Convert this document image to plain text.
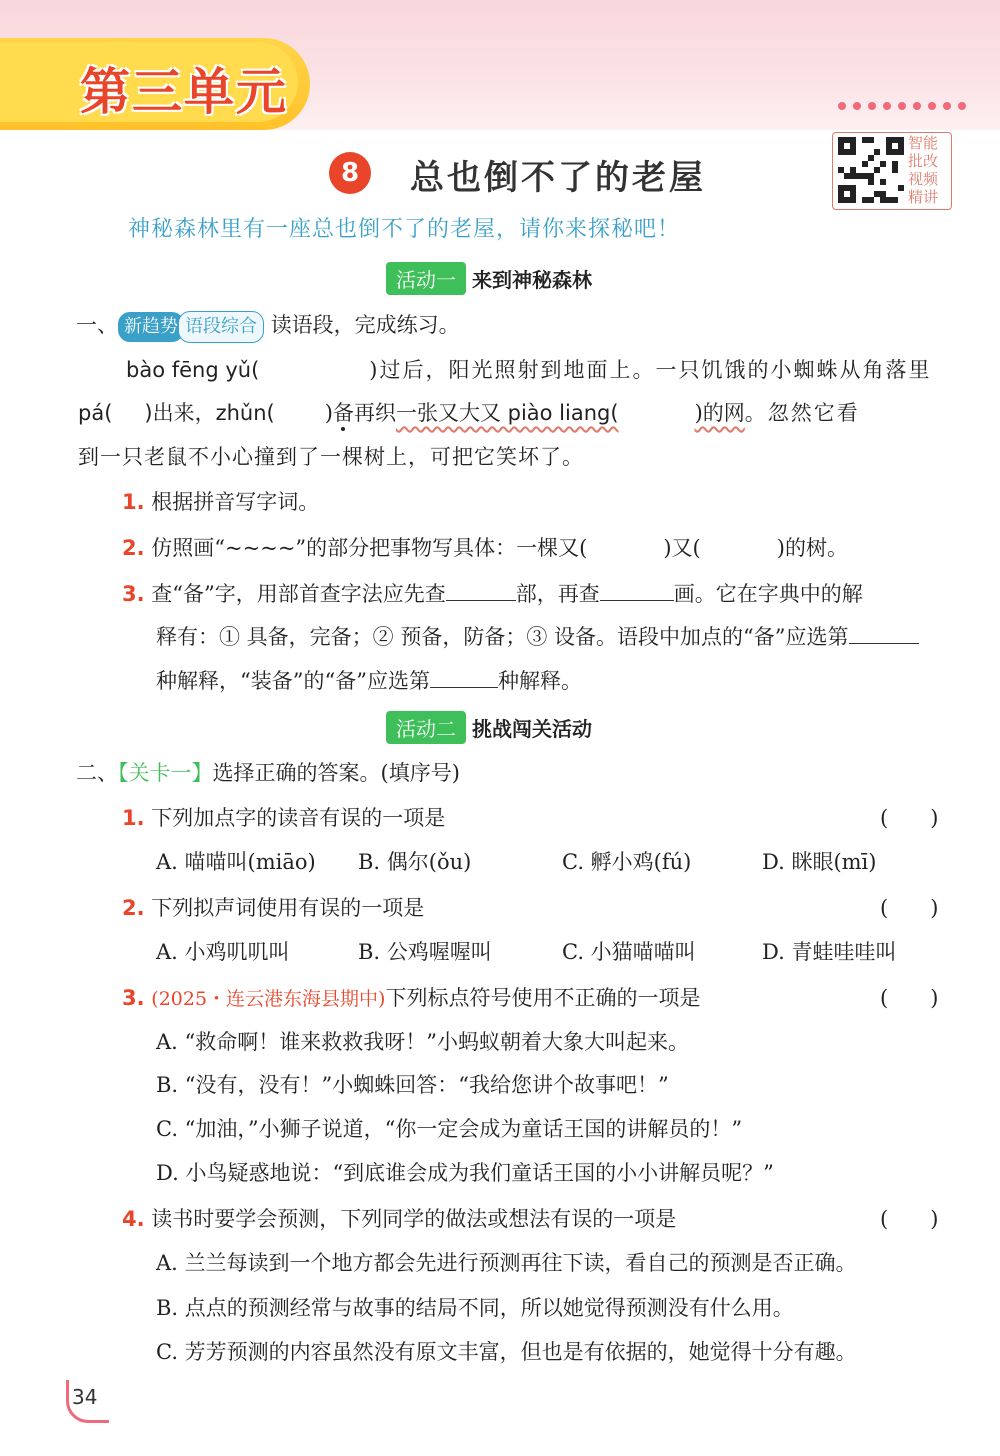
第三单元
8	总也倒不了的老屋
智能批改视频精讲
神秘森林里有一座总也倒不了的老屋，请你来探秘吧！
活动一 来到神秘森林
一、 新趋势 语段综合 读语段，完成练习。
bào fēng yǔ(	)过后，阳光照射到地面上。一只饥饿的小蜘蛛从角落里
pá( )出来，zhǔn( )备再织一张又大又 piào liang(	)的网。忽然它看
到一只老鼠不小心撞到了一棵树上，可把它笑坏了。
1. 根据拼音写字词。
2. 仿照画“~~~~”的部分把事物写具体：一棵又(	)又(	)的树。
3. 查“备”字，用部首查字法应先查	部，再查	画。它在字典中的解
释有：① 具备，完备；② 预备，防备；③ 设备。语段中加点的“备”应选第
种解释，“装备”的“备”应选第	种解释。
活动二 挑战闯关活动
二、【关卡一】选择正确的答案。(填序号)
1. 下列加点字的读音有误的一项是	(　　)
A. 喵喵叫(miāo) B. 偶尔(ǒu)	C. 孵小鸡(fú)	D. 眯眼(mī)
2. 下列拟声词使用有误的一项是	(　　)
A. 小鸡叽叽叫	B. 公鸡喔喔叫	C. 小猫喵喵叫	D. 青蛙哇哇叫
3. (2025・连云港东海县期中)下列标点符号使用不正确的一项是	(　　)
A. “救命啊！谁来救救我呀！”小蚂蚁朝着大象大叫起来。
B. “没有，没有！”小蜘蛛回答：“我给您讲个故事吧！”
C. “加油，”小狮子说道，“你一定会成为童话王国的讲解员的！”
D. 小鸟疑惑地说：“到底谁会成为我们童话王国的小小讲解员呢？”
4. 读书时要学会预测，下列同学的做法或想法有误的一项是	(　　)
A. 兰兰每读到一个地方都会先进行预测再往下读，看自己的预测是否正确。
B. 点点的预测经常与故事的结局不同，所以她觉得预测没有什么用。
C. 芳芳预测的内容虽然没有原文丰富，但也是有依据的，她觉得十分有趣。
34
